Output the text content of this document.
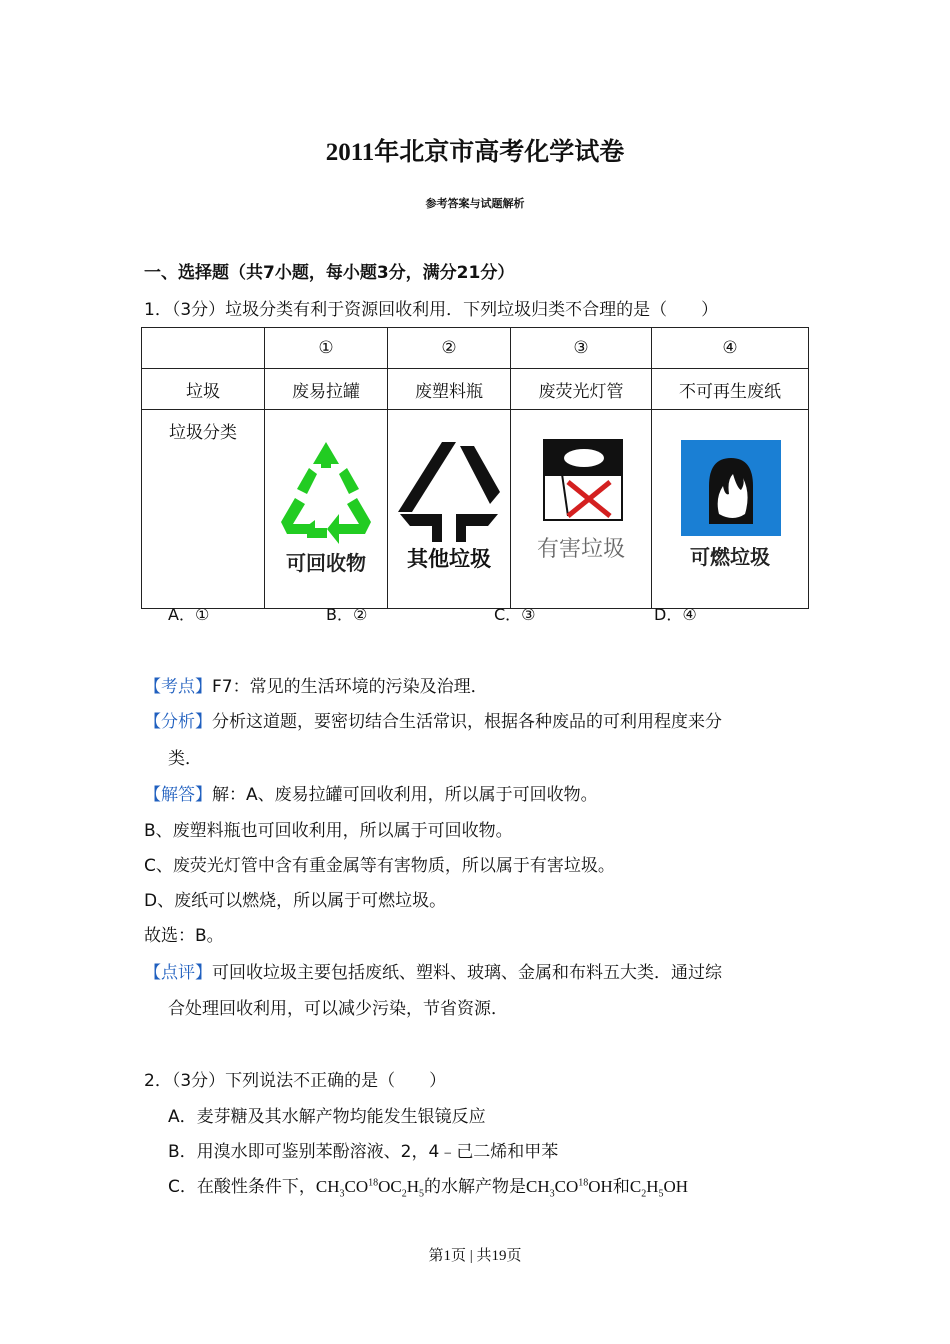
2011年北京市高考化学试卷
参考答案与试题解析
一、选择题（共7小题，每小题3分，满分21分）
1．（3分）垃圾分类有利于资源回收利用．下列垃圾归类不合理的是（　　）
	①	②	③	④
垃圾	废易拉罐	废塑料瓶	废荧光灯管	不可再生废纸
垃圾分类	可回收物	其他垃圾	有害垃圾	可燃垃圾
A．①	B．②	C．③	D．④
【考点】F7：常见的生活环境的污染及治理．
【分析】分析这道题，要密切结合生活常识，根据各种废品的可利用程度来分
类．
【解答】解：A、废易拉罐可回收利用，所以属于可回收物。
B、废塑料瓶也可回收利用，所以属于可回收物。
C、废荧光灯管中含有重金属等有害物质，所以属于有害垃圾。
D、废纸可以燃烧，所以属于可燃垃圾。
故选：B。
【点评】可回收垃圾主要包括废纸、塑料、玻璃、金属和布料五大类．通过综
合处理回收利用，可以减少污染，节省资源．
2．（3分）下列说法不正确的是（　　）
A．麦芽糖及其水解产物均能发生银镜反应
B．用溴水即可鉴别苯酚溶液、2，4﹣己二烯和甲苯
C．在酸性条件下，$CH_3CO^{18}OC_2H_5$的水解产物是$CH_3CO^{18}OH$和$C_2H_5OH$
第1页 | 共19页
